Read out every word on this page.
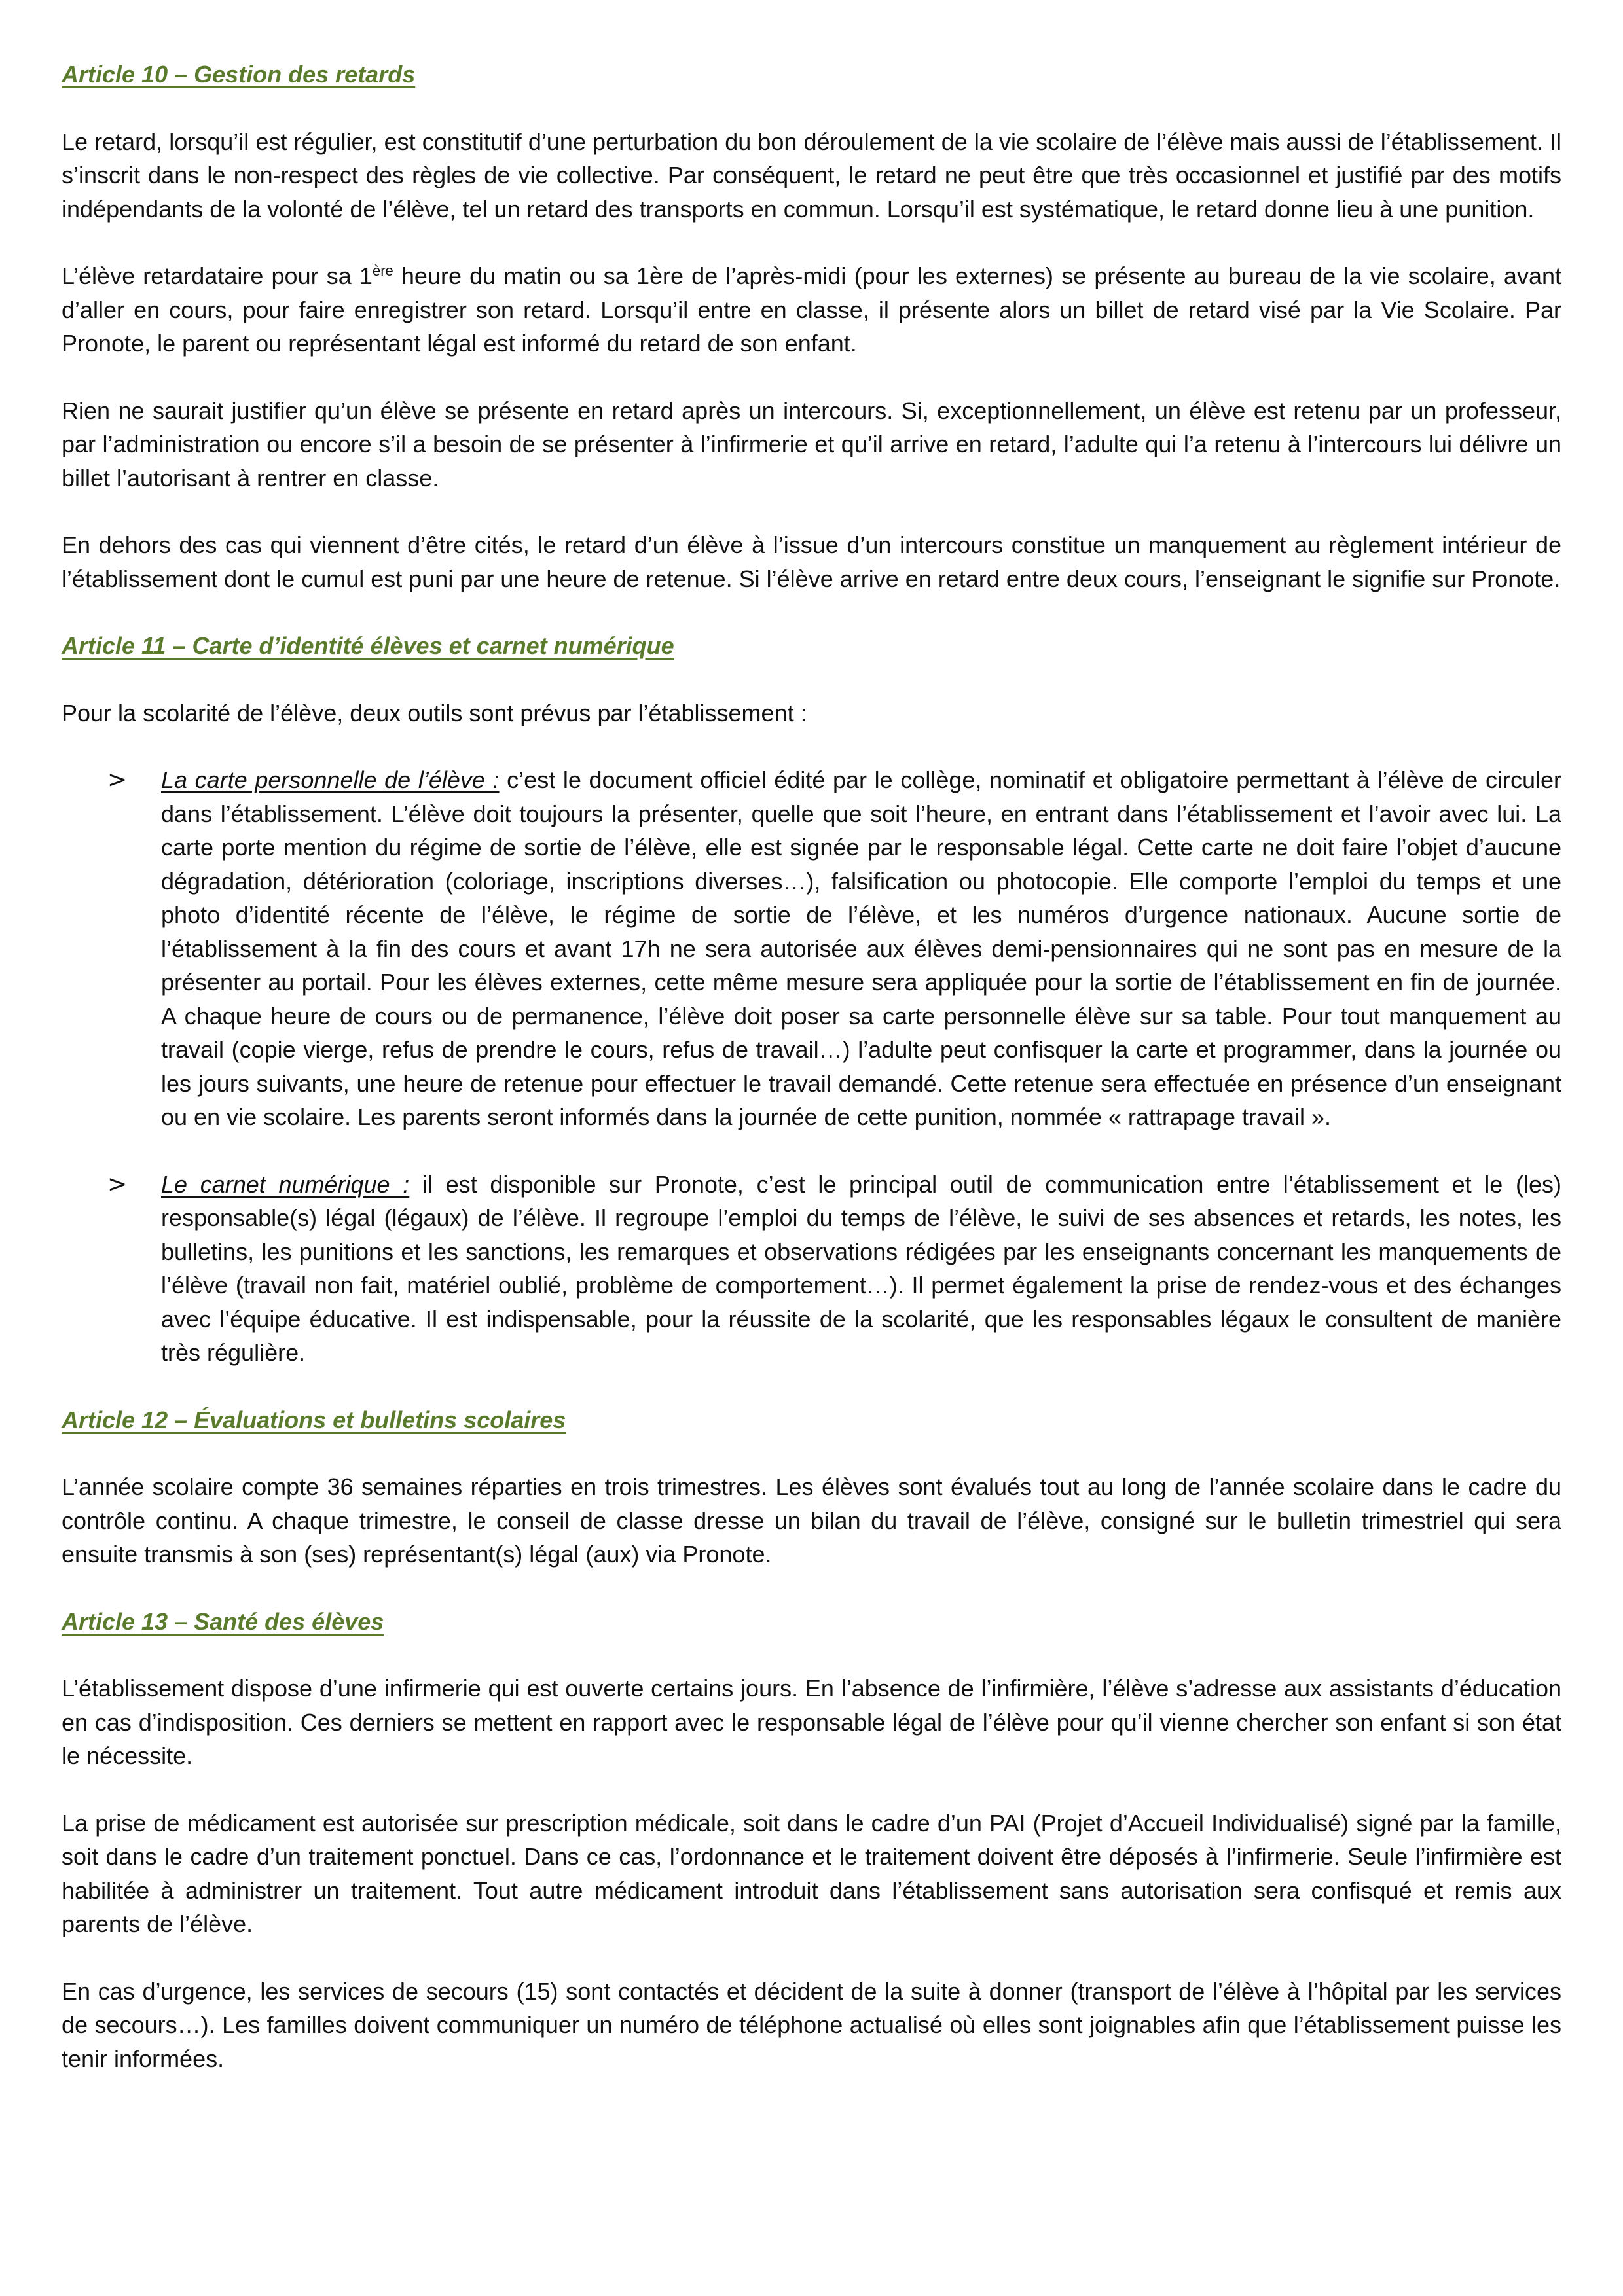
Article 10 – Gestion des retards

Le retard, lorsqu’il est régulier, est constitutif d’une perturbation du bon déroulement de la vie scolaire de l’élève mais aussi de l’établissement. Il s’inscrit dans le non-respect des règles de vie collective. Par conséquent, le retard ne peut être que très occasionnel et justifié par des motifs indépendants de la volonté de l’élève, tel un retard des transports en commun. Lorsqu’il est systématique, le retard donne lieu à une punition.

L’élève retardataire pour sa 1ère heure du matin ou sa 1ère de l’après-midi (pour les externes) se présente au bureau de la vie scolaire, avant d’aller en cours, pour faire enregistrer son retard. Lorsqu’il entre en classe, il présente alors un billet de retard visé par la Vie Scolaire. Par Pronote, le parent ou représentant légal est informé du retard de son enfant.

Rien ne saurait justifier qu’un élève se présente en retard après un intercours. Si, exceptionnellement, un élève est retenu par un professeur, par l’administration ou encore s’il a besoin de se présenter à l’infirmerie et qu’il arrive en retard, l’adulte qui l’a retenu à l’intercours lui délivre un billet l’autorisant à rentrer en classe.

En dehors des cas qui viennent d’être cités, le retard d’un élève à l’issue d’un intercours constitue un manquement au règlement intérieur de l’établissement dont le cumul est puni par une heure de retenue. Si l’élève arrive en retard entre deux cours, l’enseignant le signifie sur Pronote.

Article 11 – Carte d’identité élèves et carnet numérique

Pour la scolarité de l’élève, deux outils sont prévus par l’établissement :

> La carte personnelle de l’élève : c’est le document officiel édité par le collège, nominatif et obligatoire permettant à l’élève de circuler dans l’établissement. L’élève doit toujours la présenter, quelle que soit l’heure, en entrant dans l’établissement et l’avoir avec lui. La carte porte mention du régime de sortie de l’élève, elle est signée par le responsable légal. Cette carte ne doit faire l’objet d’aucune dégradation, détérioration (coloriage, inscriptions diverses…), falsification ou photocopie. Elle comporte l’emploi du temps et une photo d’identité récente de l’élève, le régime de sortie de l’élève, et les numéros d’urgence nationaux. Aucune sortie de l’établissement à la fin des cours et avant 17h ne sera autorisée aux élèves demi-pensionnaires qui ne sont pas en mesure de la présenter au portail. Pour les élèves externes, cette même mesure sera appliquée pour la sortie de l’établissement en fin de journée. A chaque heure de cours ou de permanence, l’élève doit poser sa carte personnelle élève sur sa table. Pour tout manquement au travail (copie vierge, refus de prendre le cours, refus de travail…) l’adulte peut confisquer la carte et programmer, dans la journée ou les jours suivants, une heure de retenue pour effectuer le travail demandé. Cette retenue sera effectuée en présence d’un enseignant ou en vie scolaire. Les parents seront informés dans la journée de cette punition, nommée « rattrapage travail ».
> Le carnet numérique : il est disponible sur Pronote, c’est le principal outil de communication entre l’établissement et le (les) responsable(s) légal (légaux) de l’élève. Il regroupe l’emploi du temps de l’élève, le suivi de ses absences et retards, les notes, les bulletins, les punitions et les sanctions, les remarques et observations rédigées par les enseignants concernant les manquements de l’élève (travail non fait, matériel oublié, problème de comportement…). Il permet également la prise de rendez-vous et des échanges avec l’équipe éducative. Il est indispensable, pour la réussite de la scolarité, que les responsables légaux le consultent de manière très régulière.
Article 12 – Évaluations et bulletins scolaires

L’année scolaire compte 36 semaines réparties en trois trimestres. Les élèves sont évalués tout au long de l’année scolaire dans le cadre du contrôle continu. A chaque trimestre, le conseil de classe dresse un bilan du travail de l’élève, consigné sur le bulletin trimestriel qui sera ensuite transmis à son (ses) représentant(s) légal (aux) via Pronote.

Article 13 – Santé des élèves

L’établissement dispose d’une infirmerie qui est ouverte certains jours. En l’absence de l’infirmière, l’élève s’adresse aux assistants d’éducation en cas d’indisposition. Ces derniers se mettent en rapport avec le responsable légal de l’élève pour qu’il vienne chercher son enfant si son état le nécessite.

La prise de médicament est autorisée sur prescription médicale, soit dans le cadre d’un PAI (Projet d’Accueil Individualisé) signé par la famille, soit dans le cadre d’un traitement ponctuel. Dans ce cas, l’ordonnance et le traitement doivent être déposés à l’infirmerie. Seule l’infirmière est habilitée à administrer un traitement. Tout autre médicament introduit dans l’établissement sans autorisation sera confisqué et remis aux parents de l’élève.

En cas d’urgence, les services de secours (15) sont contactés et décident de la suite à donner (transport de l’élève à l’hôpital par les services de secours…). Les familles doivent communiquer un numéro de téléphone actualisé où elles sont joignables afin que l’établissement puisse les tenir informées.
